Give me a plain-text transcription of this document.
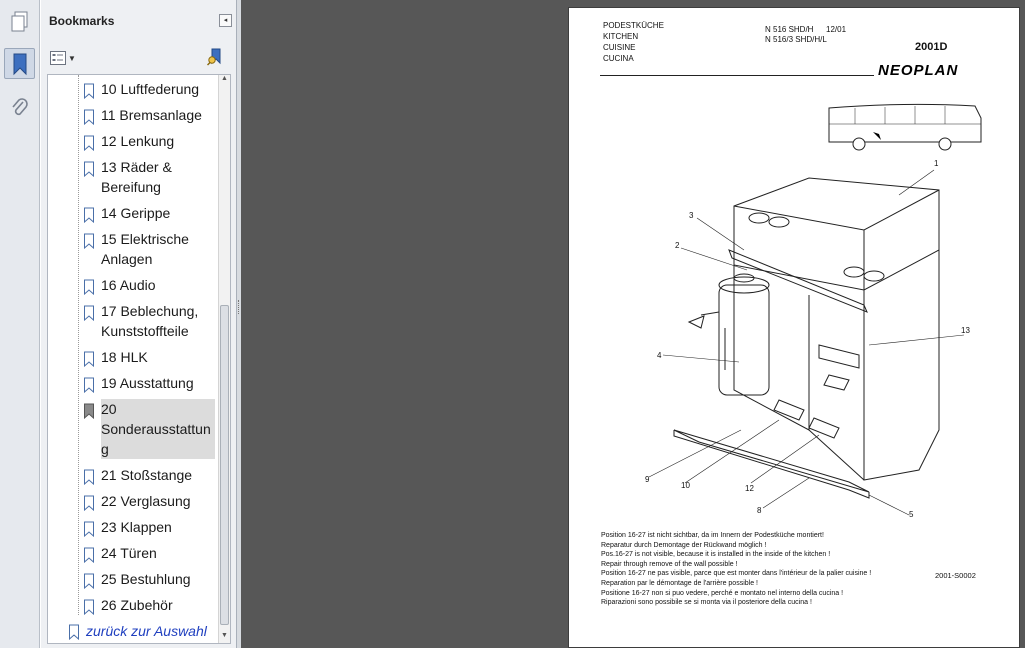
Bookmarks	◂
▼
10 Luftfederung
11 Bremsanlage
12 Lenkung
13 Räder & Bereifung
14 Gerippe
15 Elektrische Anlagen
16 Audio
17 Beblechung, Kunststoffteile
18 HLK
19 Ausstattung
20 Sonderausstattung
21 Stoßstange
22 Verglasung
23 Klappen
24 Türen
25 Bestuhlung
26 Zubehör
zurück zur Auswahl
▲
▼
PODESTKÜCHE
KITCHEN
CUISINE
CUCINA
N 516 SHD/H
N 516/3 SHD/H/L
12/01
2001D
NEOPLAN
1
2
3
4
13
9
10	12
8	5
Position 16-27 ist nicht sichtbar, da im Innern der Podestküche montiert!
Reparatur durch Demontage der Rückwand möglich !
Pos.16-27 is not visible, because it is installed in the inside of the kitchen !
Repair through remove of the wall possible !
Position 16-27 ne pas visible, parce que est monter dans l'intérieur de la palier cuisine !
Reparation par le démontage de l'arrière possible !
Positione 16-27 non si puo vedere, perché e montato nel interno della cucina !
Riparazioni sono possibile se si monta via il posteriore della cucina !
2001-S0002
